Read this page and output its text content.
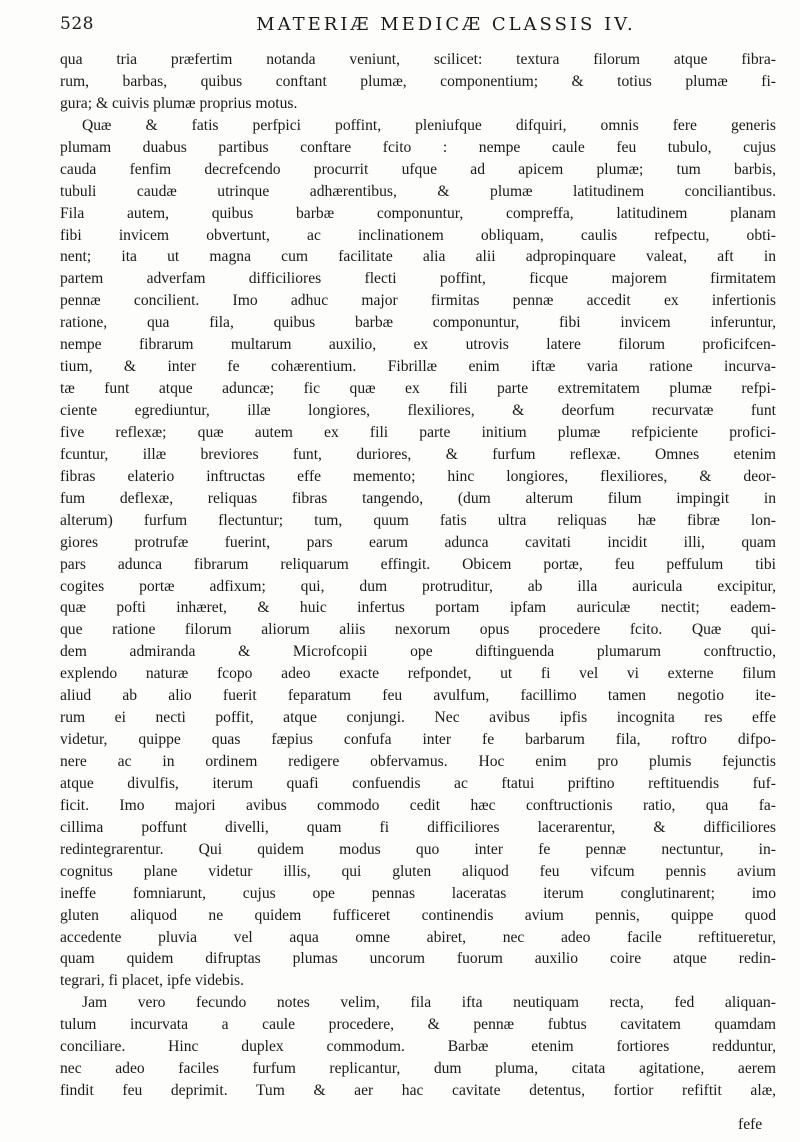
528	MATERIÆ MEDICÆ CLASSIS IV.
qua tria præfertim notanda veniunt, scilicet: textura filorum atque fibra-
rum, barbas, quibus conftant plumæ, componentium; & totius plumæ fi-
gura; & cuivis plumæ proprius motus.
Quæ & fatis perfpici poffint, pleniufque difquiri, omnis fere generis
plumam duabus partibus conftare fcito : nempe caule feu tubulo, cujus
cauda fenfim decrefcendo procurrit ufque ad apicem plumæ; tum barbis,
tubuli caudæ utrinque adhærentibus, & plumæ latitudinem conciliantibus.
Fila autem, quibus barbæ componuntur, compreffa, latitudinem planam
fibi invicem obvertunt, ac inclinationem obliquam, caulis refpectu, obti-
nent; ita ut magna cum facilitate alia alii adpropinquare valeat, aft in
partem adverfam difficiliores flecti poffint, ficque majorem firmitatem
pennæ concilient. Imo adhuc major firmitas pennæ accedit ex infertionis
ratione, qua fila, quibus barbæ componuntur, fibi invicem inferuntur,
nempe fibrarum multarum auxilio, ex utrovis latere filorum proficifcen-
tium, & inter fe cohærentium. Fibrillæ enim iftæ varia ratione incurva-
tæ funt atque aduncæ; fic quæ ex fili parte extremitatem plumæ refpi-
ciente egrediuntur, illæ longiores, flexiliores, & deorfum recurvatæ funt
five reflexæ; quæ autem ex fili parte initium plumæ refpiciente profici-
fcuntur, illæ breviores funt, duriores, & furfum reflexæ. Omnes etenim
fibras elaterio inftructas effe memento; hinc longiores, flexiliores, & deor-
fum deflexæ, reliquas fibras tangendo, (dum alterum filum impingit in
alterum) furfum flectuntur; tum, quum fatis ultra reliquas hæ fibræ lon-
giores protrufæ fuerint, pars earum adunca cavitati incidit illi, quam
pars adunca fibrarum reliquarum effingit. Obicem portæ, feu peffulum tibi
cogites portæ adfixum; qui, dum protruditur, ab illa auricula excipitur,
quæ pofti inhæret, & huic infertus portam ipfam auriculæ nectit; eadem-
que ratione filorum aliorum aliis nexorum opus procedere fcito. Quæ qui-
dem admiranda & Microfcopii ope diftinguenda plumarum conftructio,
explendo naturæ fcopo adeo exacte refpondet, ut fi vel vi externe filum
aliud ab alio fuerit feparatum feu avulfum, facillimo tamen negotio ite-
rum ei necti poffit, atque conjungi. Nec avibus ipfis incognita res effe
videtur, quippe quas fæpius confufa inter fe barbarum fila, roftro difpo-
nere ac in ordinem redigere obfervamus. Hoc enim pro plumis fejunctis
atque divulfis, iterum quafi confuendis ac ftatui priftino reftituendis fuf-
ficit. Imo majori avibus commodo cedit hæc conftructionis ratio, qua fa-
cillima poffunt divelli, quam fi difficiliores lacerarentur, & difficiliores
redintegrarentur. Qui quidem modus quo inter fe pennæ nectuntur, in-
cognitus plane videtur illis, qui gluten aliquod feu vifcum pennis avium
ineffe fomniarunt, cujus ope pennas laceratas iterum conglutinarent; imo
gluten aliquod ne quidem fufficeret continendis avium pennis, quippe quod
accedente pluvia vel aqua omne abiret, nec adeo facile reftitueretur,
quam quidem difruptas plumas uncorum fuorum auxilio coire atque redin-
tegrari, fi placet, ipfe videbis.
Jam vero fecundo notes velim, fila ifta neutiquam recta, fed aliquan-
tulum incurvata a caule procedere, & pennæ fubtus cavitatem quamdam
conciliare. Hinc duplex commodum. Barbæ etenim fortiores redduntur,
nec adeo faciles furfum replicantur, dum pluma, citata agitatione, aerem
findit feu deprimit. Tum & aer hac cavitate detentus, fortior refiftit alæ,
fefe
